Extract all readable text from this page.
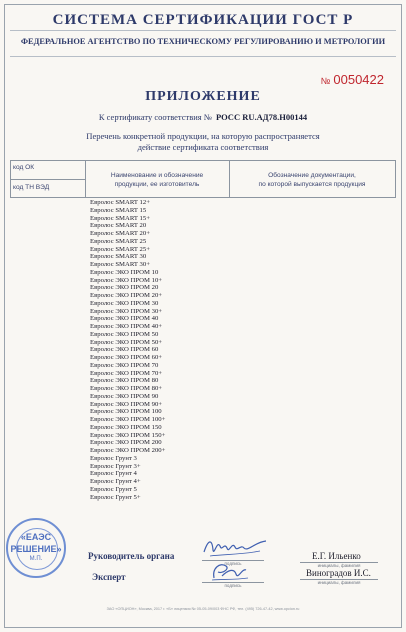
СИСТЕМА СЕРТИФИКАЦИИ ГОСТ Р
ФЕДЕРАЛЬНОЕ АГЕНТСТВО ПО ТЕХНИЧЕСКОМУ РЕГУЛИРОВАНИЮ И МЕТРОЛОГИИ
№ 0050422
ПРИЛОЖЕНИЕ
К сертификату соответствия № РОСС RU.АД78.Н00144
Перечень конкретной продукции, на которую распространяется
действие сертификата соответствия
код ОК
код ТН ВЭД
Наименование и обозначение
продукции, ее изготовитель
Обозначение документации,
по которой выпускается продукция
Евролос SMART 12+
Евролос SMART 15
Евролос SMART 15+
Евролос SMART 20
Евролос SMART 20+
Евролос SMART 25
Евролос SMART 25+
Евролос SMART 30
Евролос SMART 30+
Евролос ЭКО ПРОМ 10
Евролос ЭКО ПРОМ 10+
Евролос ЭКО ПРОМ 20
Евролос ЭКО ПРОМ 20+
Евролос ЭКО ПРОМ 30
Евролос ЭКО ПРОМ 30+
Евролос ЭКО ПРОМ 40
Евролос ЭКО ПРОМ 40+
Евролос ЭКО ПРОМ 50
Евролос ЭКО ПРОМ 50+
Евролос ЭКО ПРОМ 60
Евролос ЭКО ПРОМ 60+
Евролос ЭКО ПРОМ 70
Евролос ЭКО ПРОМ 70+
Евролос ЭКО ПРОМ 80
Евролос ЭКО ПРОМ 80+
Евролос ЭКО ПРОМ 90
Евролос ЭКО ПРОМ 90+
Евролос ЭКО ПРОМ 100
Евролос ЭКО ПРОМ 100+
Евролос ЭКО ПРОМ 150
Евролос ЭКО ПРОМ 150+
Евролос ЭКО ПРОМ 200
Евролос ЭКО ПРОМ 200+
Евролос Грунт 3
Евролос Грунт 3+
Евролос Грунт 4
Евролос Грунт 4+
Евролос Грунт 5
Евролос Грунт 5+
«ЕАЭС
РЕШЕНИЕ»
М.П.	Руководитель органа
подпись
Е.Г. Ильенко
инициалы, фамилия
Эксперт
подпись
Виноградов И.С.
инициалы, фамилия
ЗАО «ОПЦИОН», Москва, 2017 г. «Б» лицензия № 05-05-09/003 ФНС РФ, тел. (495) 726-47-42, www.opcion.ru
